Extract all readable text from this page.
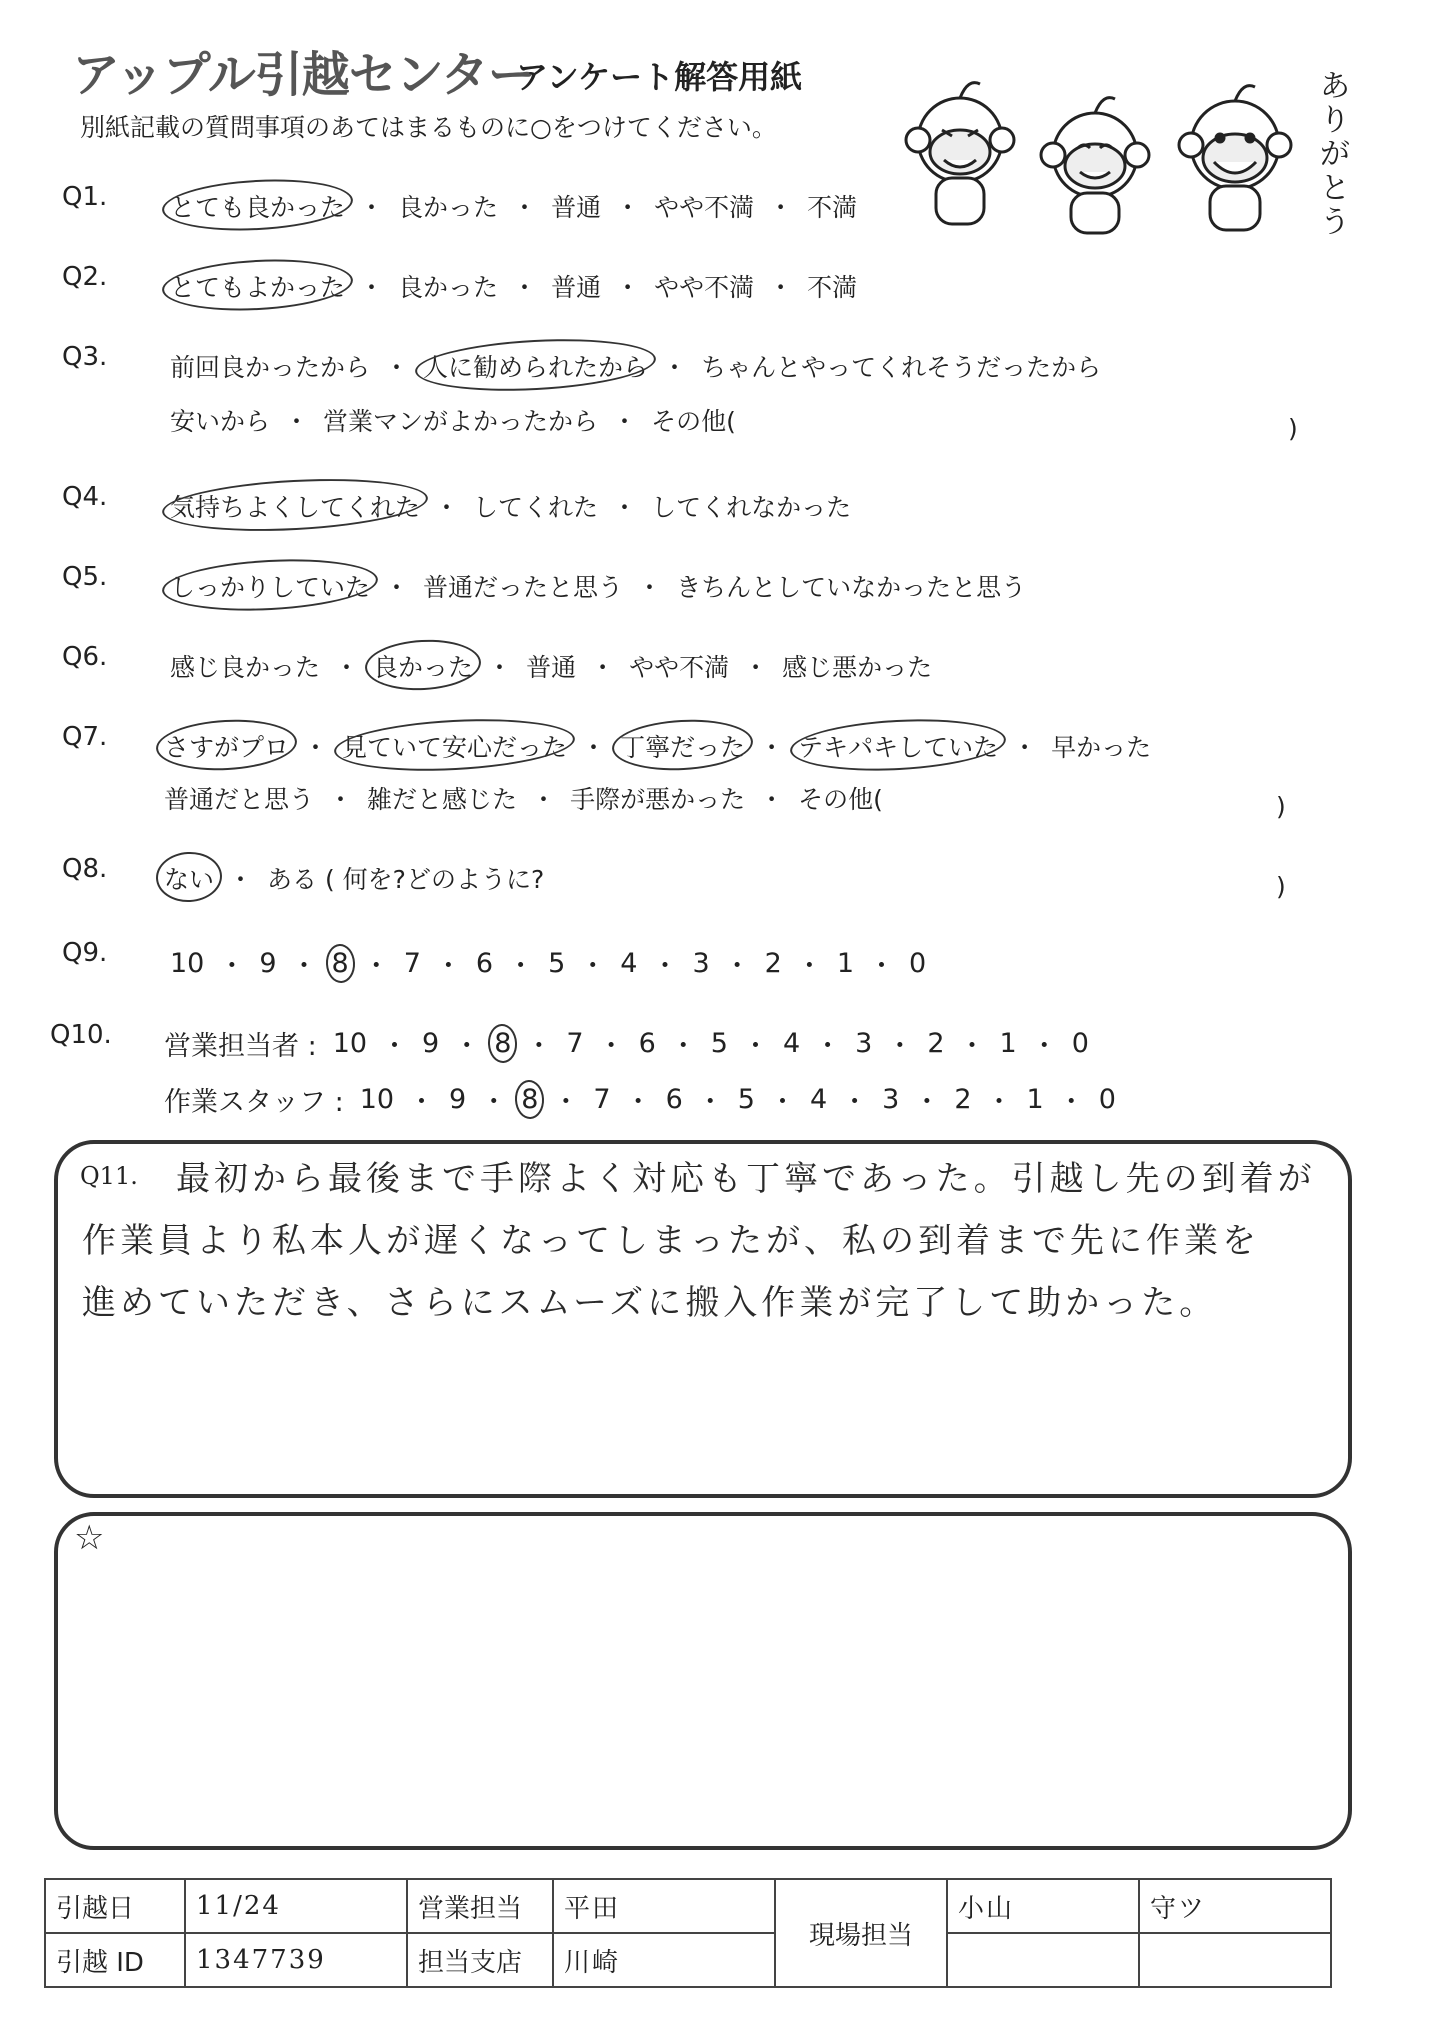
アップル引越センター
アンケート解答用紙
別紙記載の質問事項のあてはまるものに○をつけてください。
ありがとう
Q1.	とても良かった ・ 良かった ・ 普通 ・ やや不満 ・ 不満
Q2.	とてもよかった ・ 良かった ・ 普通 ・ やや不満 ・ 不満
Q3.	前回良かったから ・ 人に勧められたから ・ ちゃんとやってくれそうだったから
安いから ・ 営業マンがよかったから ・ その他(	)
Q4.	気持ちよくしてくれた ・ してくれた ・ してくれなかった
Q5.	しっかりしていた ・ 普通だったと思う ・ きちんとしていなかったと思う
Q6.	感じ良かった ・ 良かった ・ 普通 ・ やや不満 ・ 感じ悪かった
Q7. さすがプロ ・ 見ていて安心だった ・ 丁寧だった ・ テキパキしていた ・ 早かった
普通だと思う ・ 雑だと感じた ・ 手際が悪かった ・ その他(	)
Q8. ない ・ ある ( 何を?どのように?	)
Q9. 10 ・ 9 ・ 8 ・ 7 ・ 6 ・ 5 ・ 4 ・ 3 ・ 2 ・ 1 ・ 0
Q10. 営業担当者 : 10 ・ 9 ・ 8 ・ 7 ・ 6 ・ 5 ・ 4 ・ 3 ・ 2 ・ 1 ・ 0
作業スタッフ : 10 ・ 9 ・ 8 ・ 7 ・ 6 ・ 5 ・ 4 ・ 3 ・ 2 ・ 1 ・ 0
Q11. 最初から最後まで手際よく対応も丁寧であった。引越し先の到着が
作業員より私本人が遅くなってしまったが、私の到着まで先に作業を
進めていただき、さらにスムーズに搬入作業が完了して助かった。
☆
引越日	11/24	営業担当	平田	現場担当	小山	守ツ
引越 ID	1347739	担当支店	川崎			
